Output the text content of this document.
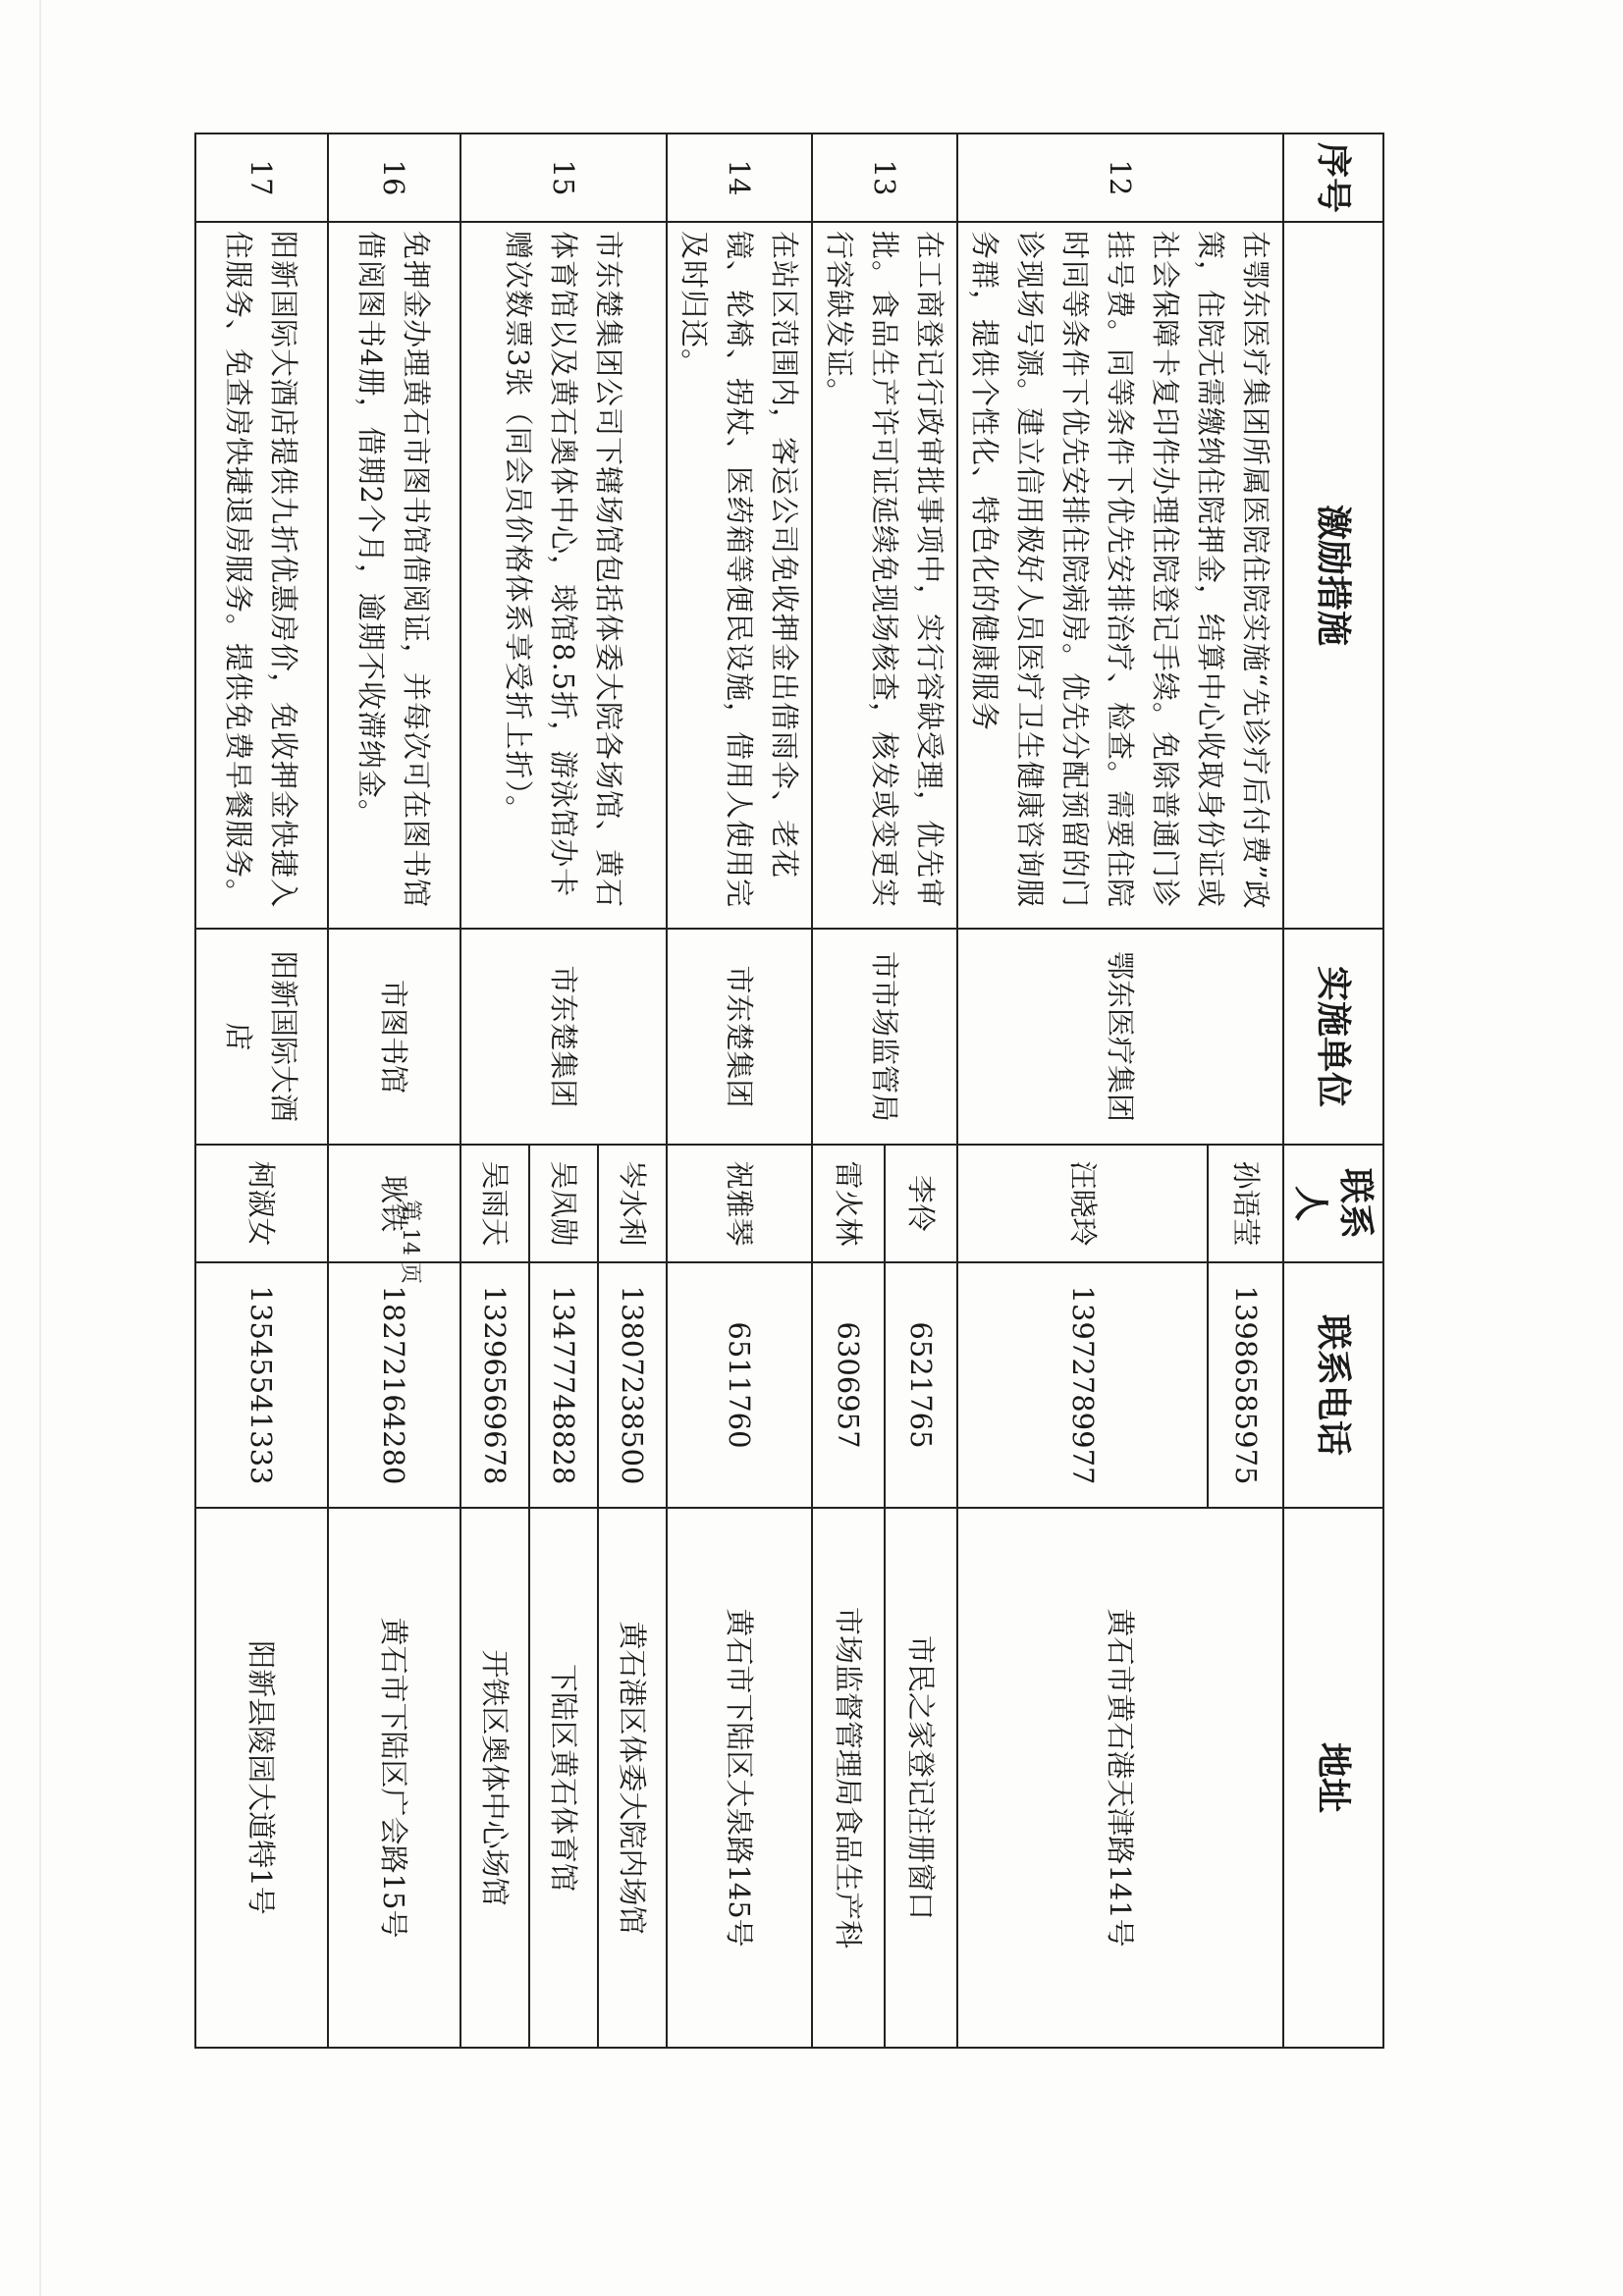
序号	激励措施	实施单位	联系人	联系电话	地址
12	在鄂东医疗集团所属医院住院实施“先诊疗后付费”政策，住院无需缴纳住院押金，结算中心收取身份证或社会保障卡复印件办理住院登记手续。免除普通门诊挂号费。同等条件下优先安排治疗、检查。需要住院时同等条件下优先安排住院病房。优先分配预留的门诊现场号源。建立信用极好人员医疗卫生健康咨询服务群，提供个性化、特色化的健康服务	鄂东医疗集团	孙语莹	13986585975	黄石市黄石港天津路141号
			汪晓玲	13972789977	
13	在工商登记行政审批事项中，实行容缺受理，优先审批。食品生产许可证延续免现场核查，核发或变更实行容缺发证。	市市场监管局	李伶	6521765	市民之家登记注册窗口
			雷火林	6306957	市场监督管理局食品生产科
14	在站区范围内，客运公司免收押金出借雨伞、老花镜、轮椅、拐杖、医药箱等便民设施，借用人使用完及时归还。	市东楚集团	祝雅琴	6511760	黄石市下陆区大泉路145号
15	市东楚集团公司下辖场馆包括体委大院各场馆、黄石体育馆以及黄石奥体中心，球馆8.5折，游泳馆办卡赠次数票3张（同会员价格体系享受折上折）。	市东楚集团	岑水利	13807238500	黄石港区体委大院内场馆
			吴凤勋	13477748828	下陆区黄石体育馆
			吴雨天	13296569678	开铁区奥体中心场馆
16	免押金办理黄石市图书馆借阅证，并每次可在图书馆借阅图书4册，借期2个月，逾期不收滞纳金。	市图书馆	耿铁	18272164280	黄石市下陆区广会路15号
17	阳新国际大酒店提供九折优惠房价，免收押金快捷入住服务、免查房快捷退房服务。提供免费早餐服务。	阳新国际大酒店	柯淑女	13545541333	阳新县陵园大道特1号
第 14 页
